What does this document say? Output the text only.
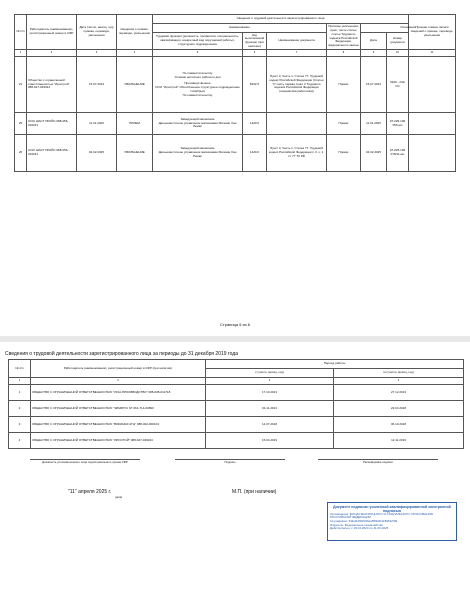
№ п/п	Работодатель (наименование), регистрационный номер в СФР	Дата (число, месяц, год) приема, перевода, увольнения	Сведения о приеме, переводе, увольнении	Сведения о трудовой деятельности зарегистрированного лица						Признак отмены записи сведений о приеме, переводе, увольнении
				Наименование			Причины увольнения, пункт, часть статьи, статья Трудового кодекса Российской Федерации, федерального закона	Основание		
				Трудовая функция (должность, профессия, специальность, квалификация, конкретный вид поручаемой работы), структурное подразделение	Код выполняемой функции (при наличии)	Наименование документа		Дата	Номер документа	
1	2	3	4	5	6	7	8	9	10	11
21	Общество с ограниченной ответственностью "Ирострой" 088-027-049324	15.07.2024	УВОЛЬНЕНИЕ	По совместительству
Условия неполного рабочего дня
Производственное
ООО "Ирострой" Обособленное структурное подразделение г.Ноябрьск
По совместительству	8232.5	Пункт 3, Часть 1, Статья 77, Трудовой кодекс Российской Федерации (Статья 77 часть первая пункт 3 Трудового кодекса Российской Федерации (инициатива работника))	Приказ	15.07.2024	0160 - 23к/ОС	
25	ООО ШАСТ ПРАЙС 088-256-016241	11.01.2025	ПРИЕМ	Заведующий магазином
Дальневосточное управление магазинами Магазин Хан Ремас	1420.0		Приказ	11.01.2025	07-025-106 056-мо	
26	ООО ШАСТ ПРАЙС 088-256-016241	04.02.2025	УВОЛЬНЕНИЕ	Заведующий магазином
Дальневосточное управление магазинами Магазин Хан Ремас	1420.0	Пункт 3, Часть 1, Статья 77, Трудовой кодекс Российской Федерации п.3, ч. 1, ст. 77 ТК РФ	Приказ	04.02.2025	07-025-106 078/11-мо	
Страница 5 из 6
Сведения о трудовой деятельности зарегистрированного лица за периоды до 31 декабря 2019 года
№ п/п	Работодатель (наименование), регистрационный номер в СФР (при наличии)	Период работы	
		с (число, месяц, год)	по (число, месяц, год)
1	2	3	4
1	ОБЩЕСТВО С ОГРАНИЧЕННОЙ ОТВЕТСТВЕННОСТЬЮ "ИОН-ПРОИЗВОДСТВО" 088-008-011718	17.10.2013	27.12.2013
2	ОБЩЕСТВО С ОГРАНИЧЕННОЙ ОТВЕТСТВЕННОСТЬЮ "ЭЛЬБРУС М" 061-714-00890	04.11.2013	23.04.2018
3	ОБЩЕСТВО С ОГРАНИЧЕННОЙ ОТВЕТСТВЕННОСТЬЮ "ВИКИНЬЯ АТЦ" 088-002-000104	14.07.2018	06.10.2018
4	ОБЩЕСТВО С ОГРАНИЧЕННОЙ ОТВЕТСТВЕННОСТЬЮ "ИРОСТОЙ" 088-027-049324	15.04.2019	12.11.2019
Должность уполномоченного лица территориального органа СФР	Подпись	Расшифровка подписи
"11" апреля 2025 г.
(дата)
М.П. (при наличии)
Документ подписан усиленной квалифицированной электронной подписью
Организация: ФОНД ПЕНСИОННОГО И СОЦИАЛЬНОГО СТРАХОВАНИЯ РОССИЙСКОЙ ФЕДЕРАЦИИ
Сертификат: 54Ed44f9250A0a55fE0b41895fe509
Издатель: Федеральное казначейство
Действителен: с 19.04.2024 по 11.06.2025
